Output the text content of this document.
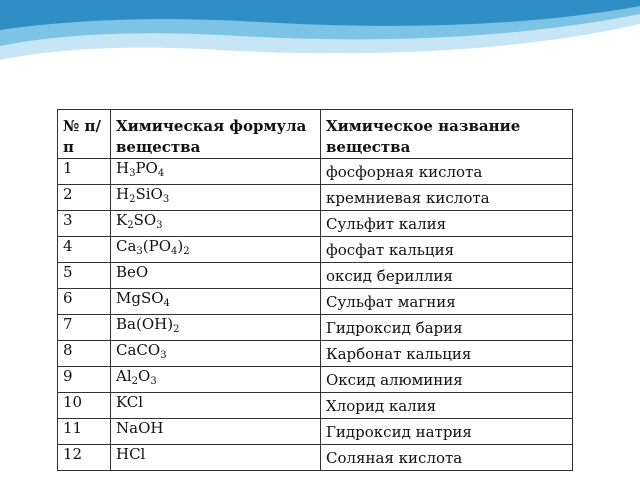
№ п/п	Химическая формула вещества	Химическое название вещества
1	$H_3PO_4$	фосфорная кислота
2	$H_2SiO_3$	кремниевая кислота
3	$K_2SO_3$	Сульфит калия
4	$Ca_3(PO_4)_2$	фосфат кальция
5	BeO	оксид бериллия
6	MgSO$_4$	Сульфат магния
7	$Ba(OH)_2$	Гидроксид бария
8	CaCO$_3$	Карбонат кальция
9	$Al_2O_3$	Оксид алюминия
10	KCl	Хлорид калия
11	NaOH	Гидроксид натрия
12	HCl	Соляная кислота
